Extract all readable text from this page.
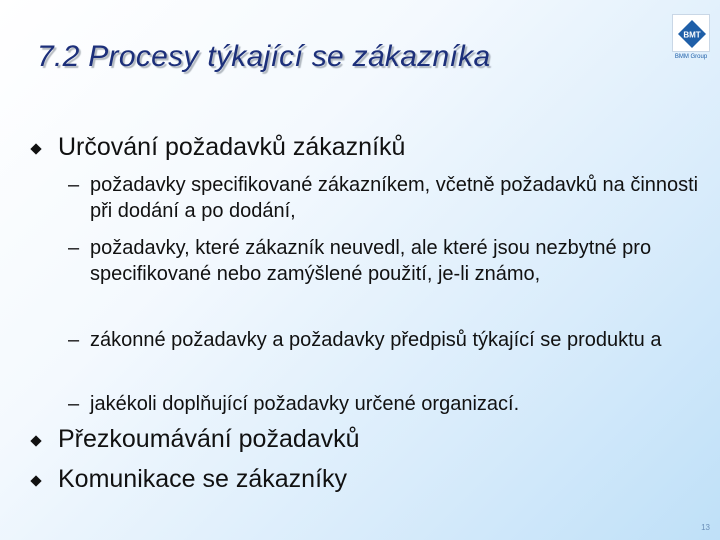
7.2 Procesy týkající se zákazníka
BMT
BMM Group
Určování požadavků zákazníků
– požadavky specifikované zákazníkem, včetně požadavků na činnosti při dodání a po dodání,
– požadavky, které zákazník neuvedl, ale které jsou nezbytné pro specifikované nebo zamýšlené použití, je-li známo,
– zákonné požadavky a požadavky předpisů týkající se produktu a
– jakékoli doplňující požadavky určené organizací.
Přezkoumávání požadavků
Komunikace se zákazníky
13
